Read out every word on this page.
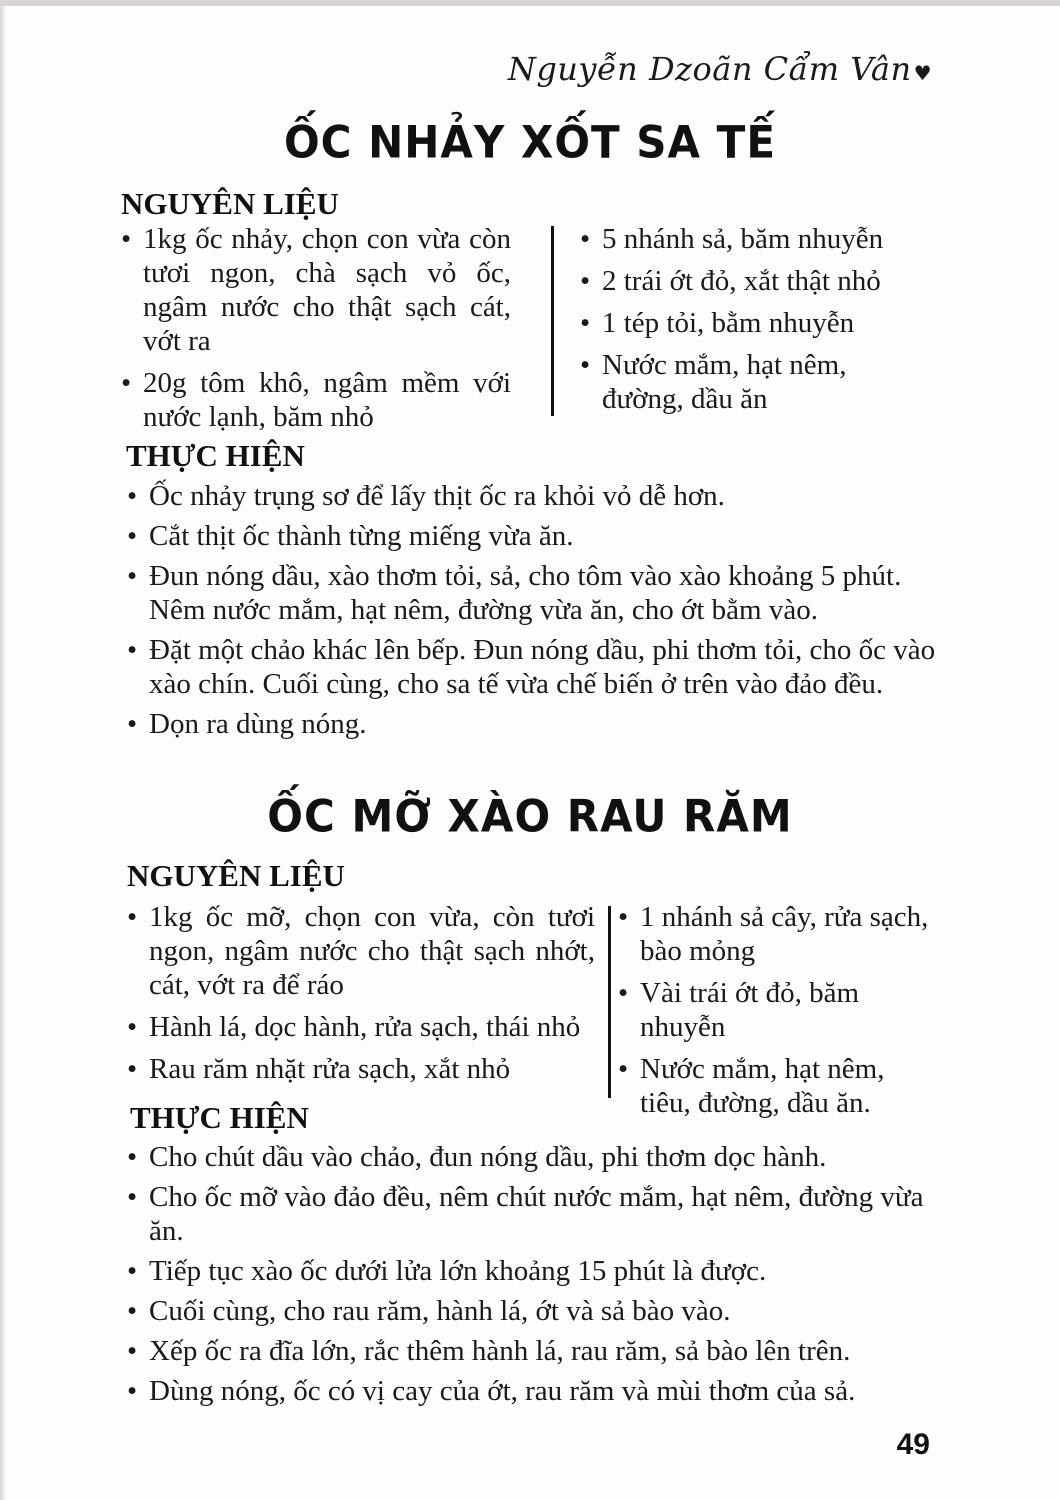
Nguyễn Dzoãn Cẩm Vân ♥
ỐC NHẢY XỐT SA TẾ
NGUYÊN LIỆU
• 1kg ốc nhảy, chọn con vừa còn tươi ngon, chà sạch vỏ ốc, ngâm nước cho thật sạch cát, vớt ra
• 20g tôm khô, ngâm mềm với nước lạnh, băm nhỏ
• 5 nhánh sả, băm nhuyễn
• 2 trái ớt đỏ, xắt thật nhỏ
• 1 tép tỏi, bằm nhuyễn
• Nước mắm, hạt nêm, đường, dầu ăn
THỰC HIỆN
• Ốc nhảy trụng sơ để lấy thịt ốc ra khỏi vỏ dễ hơn.
• Cắt thịt ốc thành từng miếng vừa ăn.
• Đun nóng dầu, xào thơm tỏi, sả, cho tôm vào xào khoảng 5 phút. Nêm nước mắm, hạt nêm, đường vừa ăn, cho ớt bằm vào.
• Đặt một chảo khác lên bếp. Đun nóng dầu, phi thơm tỏi, cho ốc vào xào chín. Cuối cùng, cho sa tế vừa chế biến ở trên vào đảo đều.
• Dọn ra dùng nóng.
ỐC MỠ XÀO RAU RĂM
NGUYÊN LIỆU
• 1kg ốc mỡ, chọn con vừa, còn tươi ngon, ngâm nước cho thật sạch nhớt, cát, vớt ra để ráo
• Hành lá, dọc hành, rửa sạch, thái nhỏ
• Rau răm nhặt rửa sạch, xắt nhỏ
• 1 nhánh sả cây, rửa sạch, bào mỏng
• Vài trái ớt đỏ, băm nhuyễn
• Nước mắm, hạt nêm, tiêu, đường, dầu ăn.
THỰC HIỆN
• Cho chút dầu vào chảo, đun nóng dầu, phi thơm dọc hành.
• Cho ốc mỡ vào đảo đều, nêm chút nước mắm, hạt nêm, đường vừa ăn.
• Tiếp tục xào ốc dưới lửa lớn khoảng 15 phút là được.
• Cuối cùng, cho rau răm, hành lá, ớt và sả bào vào.
• Xếp ốc ra đĩa lớn, rắc thêm hành lá, rau răm, sả bào lên trên.
• Dùng nóng, ốc có vị cay của ớt, rau răm và mùi thơm của sả.
49
